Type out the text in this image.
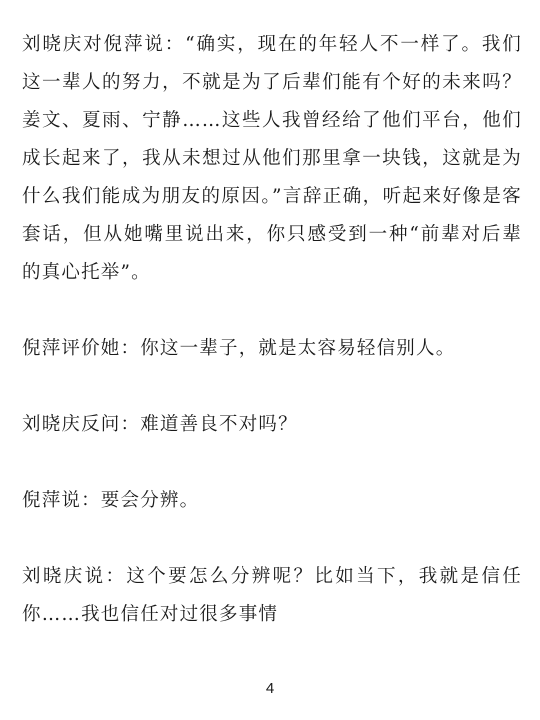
刘晓庆对倪萍说：“确实，现在的年轻人不一样了。我们这一辈人的努力，不就是为了后辈们能有个好的未来吗？姜文、夏雨、宁静……这些人我曾经给了他们平台，他们成长起来了，我从未想过从他们那里拿一块钱，这就是为什么我们能成为朋友的原因。”言辞正确，听起来好像是客套话，但从她嘴里说出来，你只感受到一种“前辈对后辈的真心托举”。

倪萍评价她：你这一辈子，就是太容易轻信别人。

刘晓庆反问：难道善良不对吗？

倪萍说：要会分辨。

刘晓庆说：这个要怎么分辨呢？比如当下，我就是信任你……我也信任对过很多事情

4
